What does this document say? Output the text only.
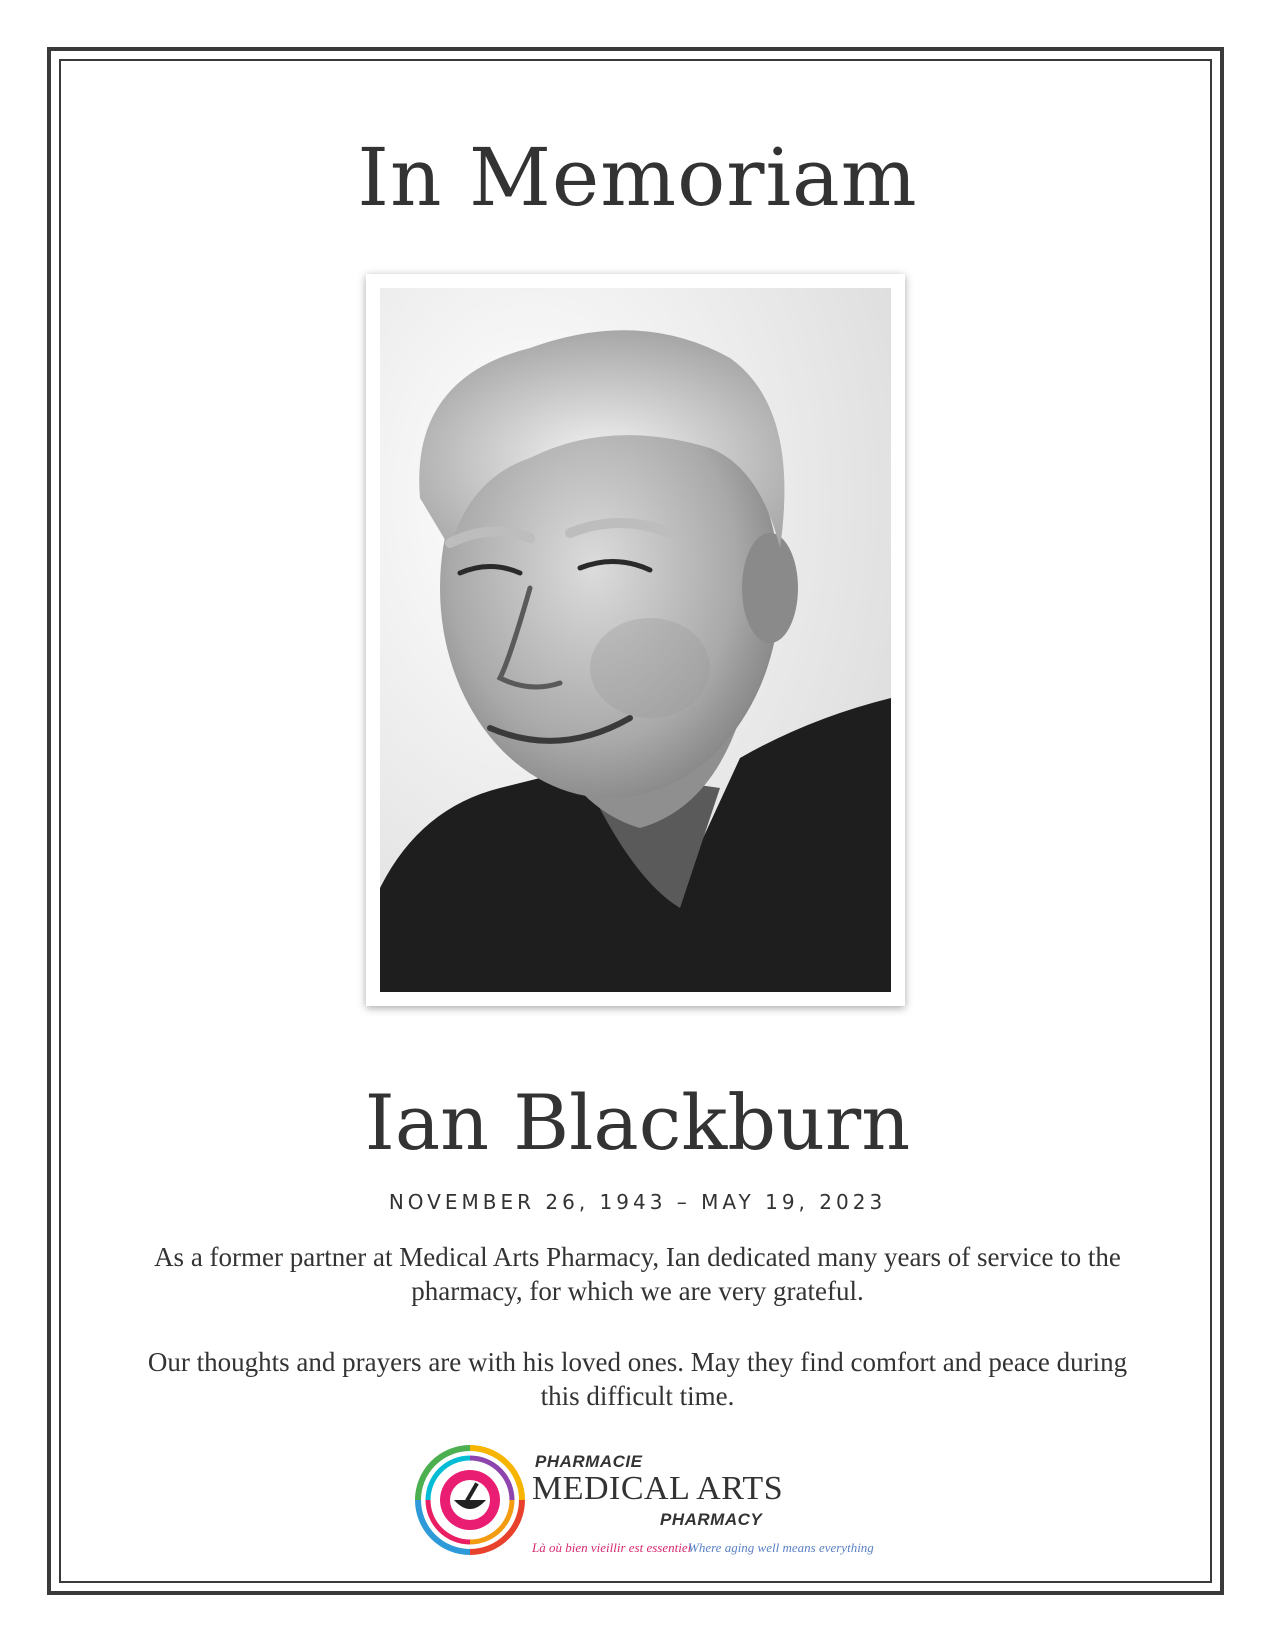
In Memoriam
Ian Blackburn
NOVEMBER 26, 1943 – MAY 19, 2023
As a former partner at Medical Arts Pharmacy, Ian dedicated many years of service to the pharmacy, for which we are very grateful.
Our thoughts and prayers are with his loved ones. May they find comfort and peace during this difficult time.
PHARMACIE
MEDICAL ARTS
PHARMACY
Là où bien vieillir est essentiel
Where aging well means everything
